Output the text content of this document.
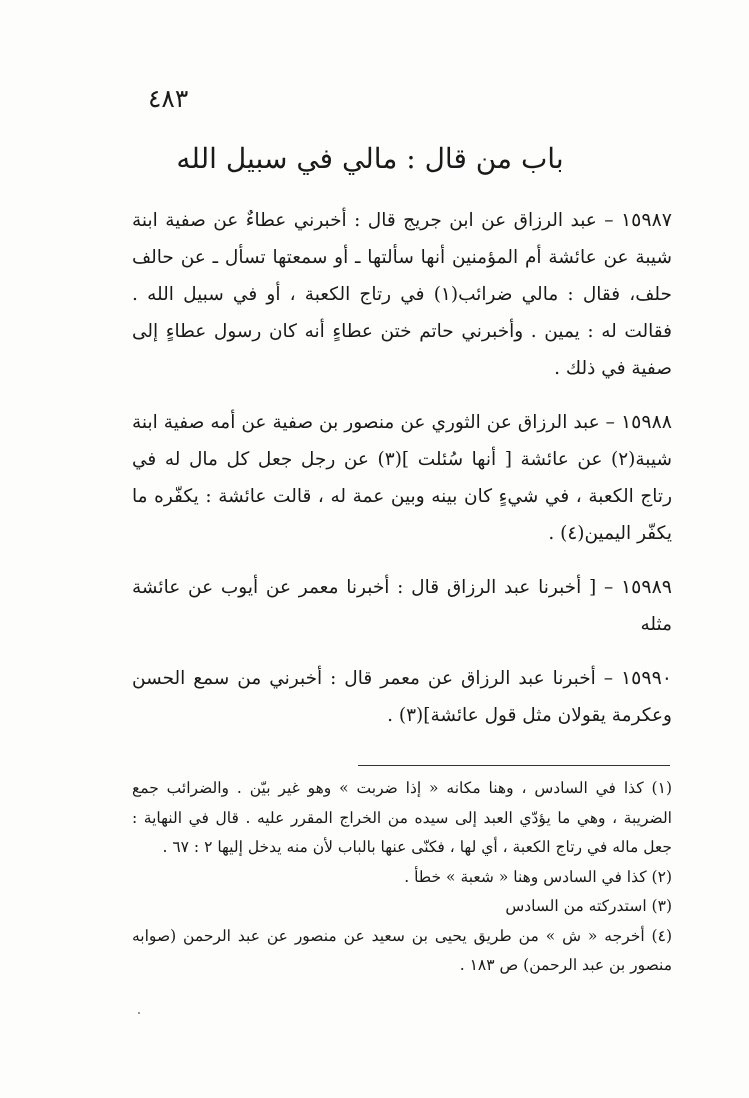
٤٨٣
باب من قال : مالي في سبيل الله

١٥٩٨٧ – عبد الرزاق عن ابن جريج قال : أخبرني عطاءٌ عن صفية ابنة شيبة عن عائشة أم المؤمنين أنها سألتها ـ أو سمعتها تسأل ـ عن حالف حلف، فقال : مالي ضرائب(١) في رتاج الكعبة ، أو في سبيل الله . فقالت له : يمين . وأخبرني حاتم ختن عطاءٍ أنه كان رسول عطاءٍ إلى صفية في ذلك .

١٥٩٨٨ – عبد الرزاق عن الثوري عن منصور بن صفية عن أمه صفية ابنة شيبة(٢) عن عائشة [ أنها سُئلت ](٣) عن رجل جعل كل مال له في رتاج الكعبة ، في شيءٍ كان بينه وبين عمة له ، قالت عائشة : يكفّره ما يكفّر اليمين(٤) .

١٥٩٨٩ – [ أخبرنا عبد الرزاق قال : أخبرنا معمر عن أيوب عن عائشة مثله

١٥٩٩٠ – أخبرنا عبد الرزاق عن معمر قال : أخبرني من سمع الحسن وعكرمة يقولان مثل قول عائشة](٣) .

(١) كذا في السادس ، وهنا مكانه « إذا ضربت » وهو غير بيّن . والضرائب جمع الضريبة ، وهي ما يؤدّي العبد إلى سيده من الخراج المقرر عليه . قال في النهاية : جعل ماله في رتاج الكعبة ، أي لها ، فكنّى عنها بالباب لأن منه يدخل إليها ٢ : ٦٧ .

(٢) كذا في السادس وهنا « شعبة » خطأ .

(٣) استدركته من السادس

(٤) أخرجه « ش » من طريق يحيى بن سعيد عن منصور عن عبد الرحمن (صوابه منصور بن عبد الرحمن) ص ١٨٣ .
